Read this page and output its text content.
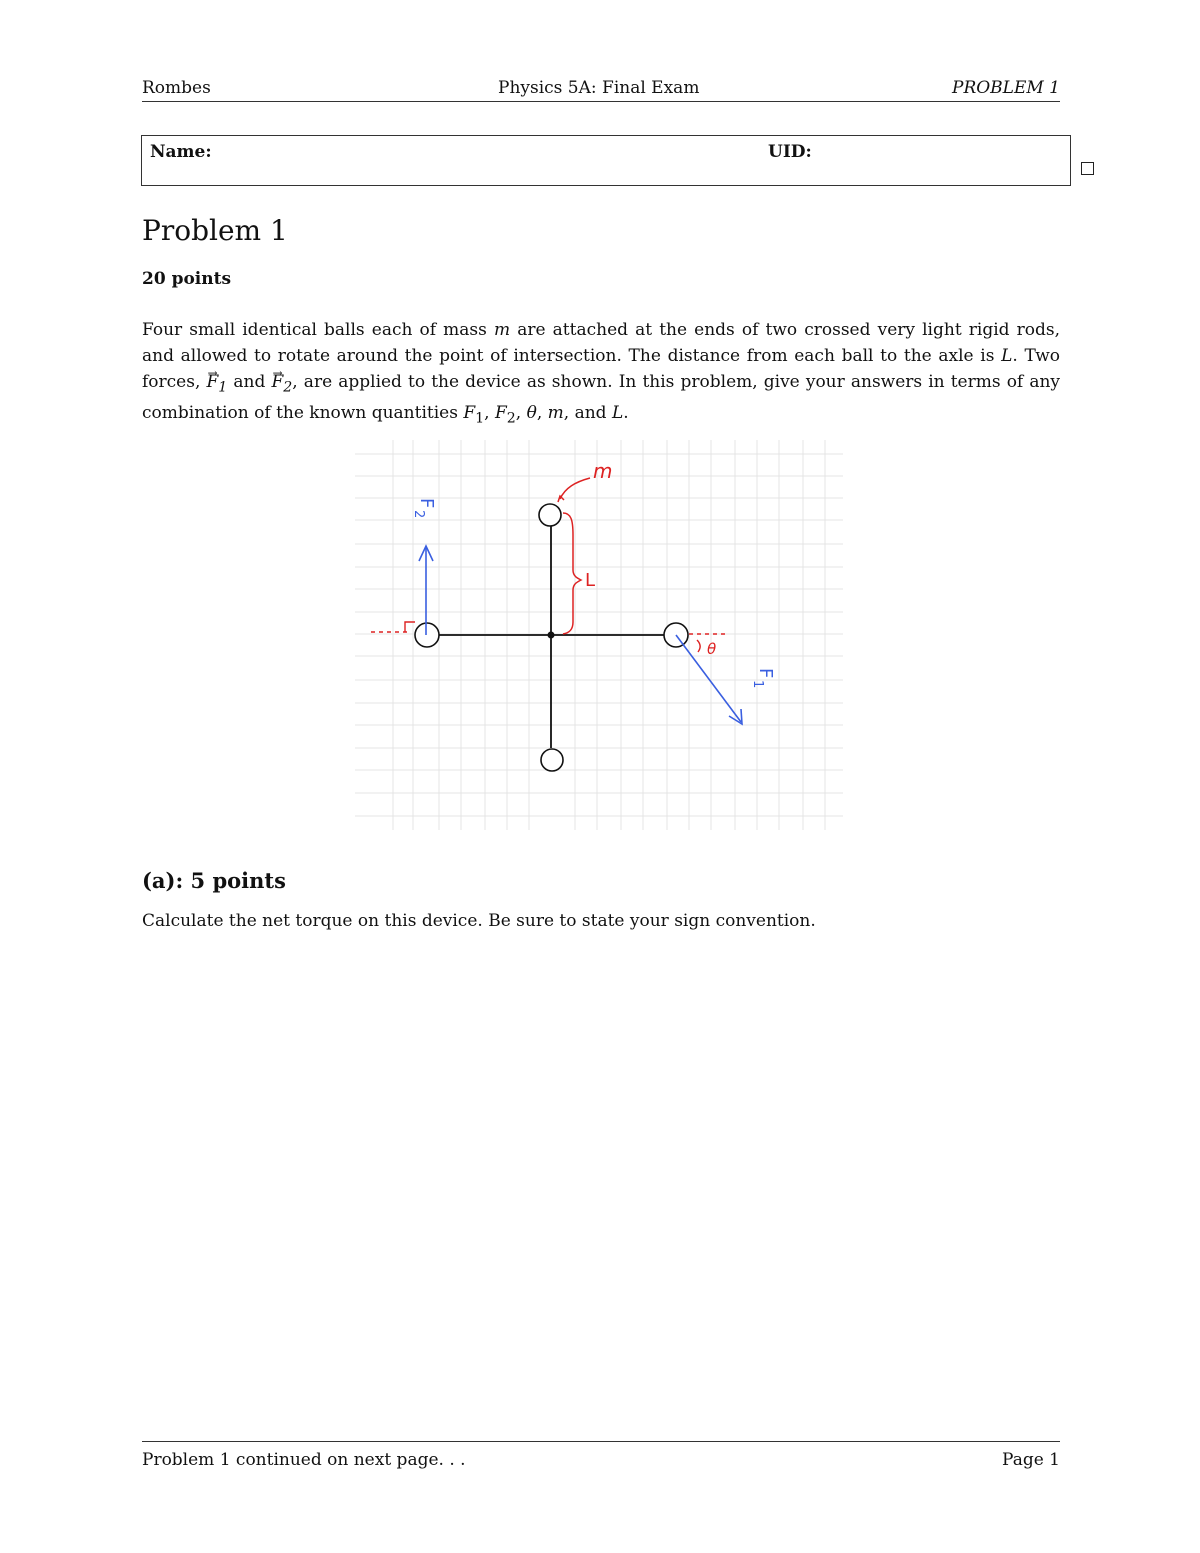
Rombes	Physics 5A: Final Exam	PROBLEM 1
Name:	UID:
Problem 1
20 points
Four small identical balls each of mass m are attached at the ends of two crossed very light rigid rods, and allowed to rotate around the point of intersection. The distance from each ball to the axle is L. Two forces, → $F_1$ and → $F_2$, are applied to the device as shown. In this problem, give your answers in terms of any combination of the known quantities $F_1$, $F_2$, θ, m, and L.
m
L
F
2
F
1
θ
(a): 5 points
Calculate the net torque on this device. Be sure to state your sign convention.
Problem 1 continued on next page. . .	Page 1
